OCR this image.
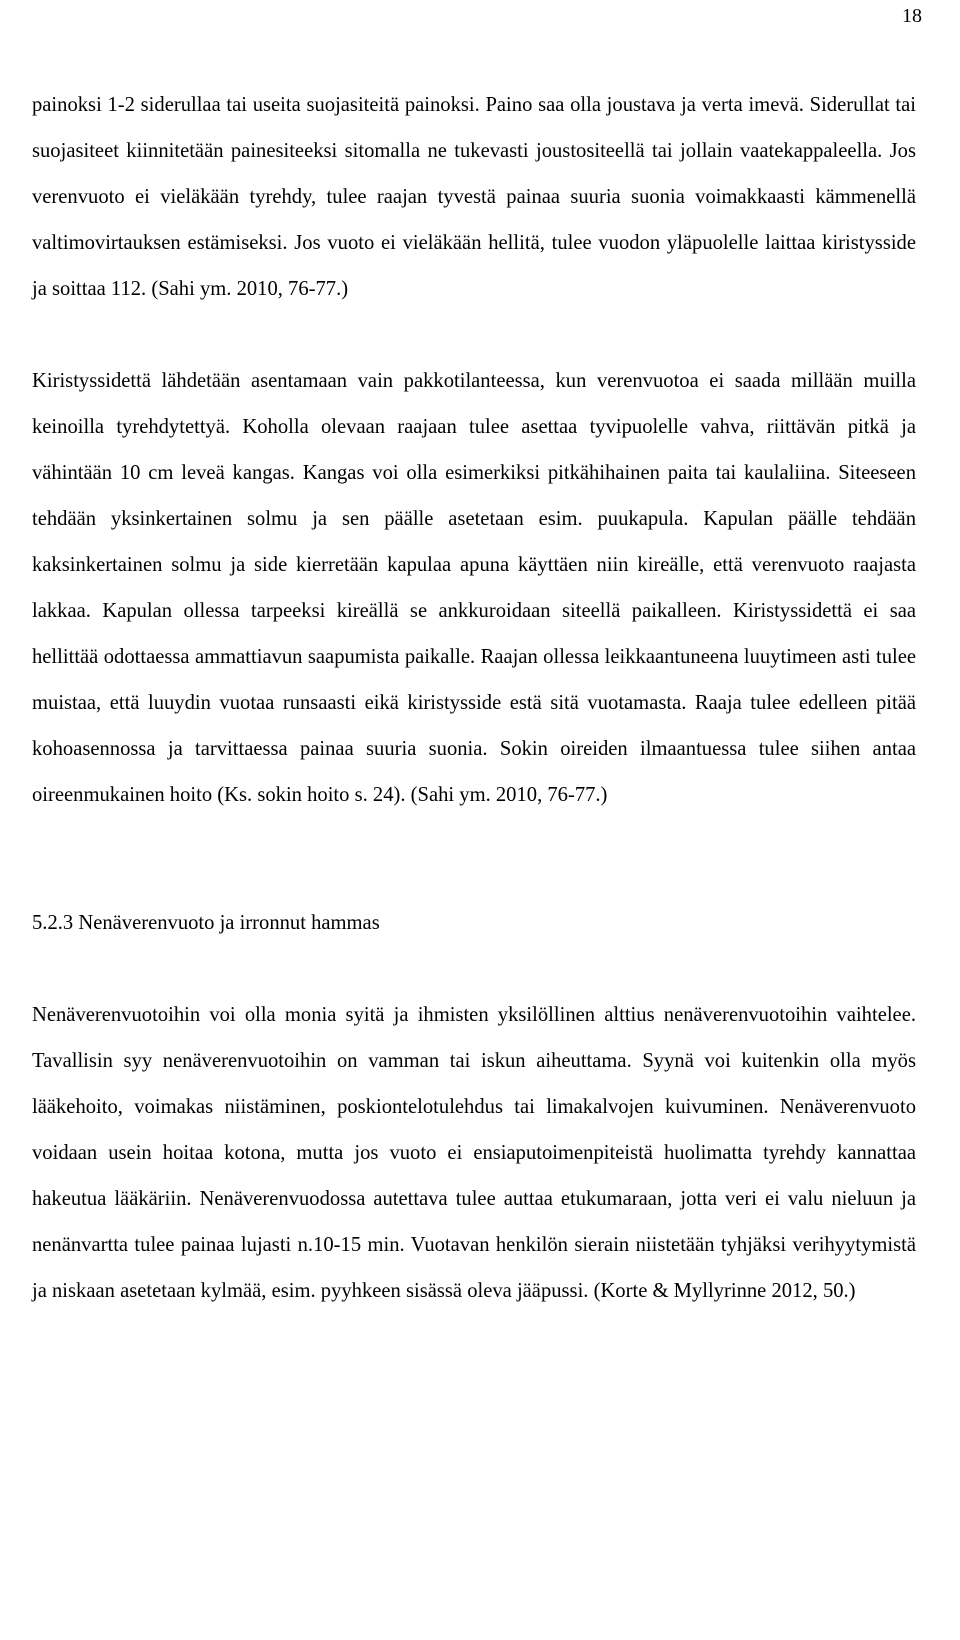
18

painoksi 1-2 siderullaa tai useita suojasiteitä painoksi. Paino saa olla joustava ja verta imevä. Siderullat tai suojasiteet kiinnitetään painesiteeksi sitomalla ne tukevasti joustositeellä tai jollain vaatekappaleella. Jos verenvuoto ei vieläkään tyrehdy, tulee raajan tyvestä painaa suuria suonia voimakkaasti kämmenellä valtimovirtauksen estämiseksi. Jos vuoto ei vieläkään hellitä, tulee vuodon yläpuolelle laittaa kiristysside ja soittaa 112. (Sahi ym. 2010, 76-77.)

Kiristyssidettä lähdetään asentamaan vain pakkotilanteessa, kun verenvuotoa ei saada millään muilla keinoilla tyrehdytettyä. Koholla olevaan raajaan tulee asettaa tyvipuolelle vahva, riittävän pitkä ja vähintään 10 cm leveä kangas. Kangas voi olla esimerkiksi pitkähihainen paita tai kaulaliina. Siteeseen tehdään yksinkertainen solmu ja sen päälle asetetaan esim. puukapula. Kapulan päälle tehdään kaksinkertainen solmu ja side kierretään kapulaa apuna käyttäen niin kireälle, että verenvuoto raajasta lakkaa. Kapulan ollessa tarpeeksi kireällä se ankkuroidaan siteellä paikalleen. Kiristyssidettä ei saa hellittää odottaessa ammattiavun saapumista paikalle. Raajan ollessa leikkaantuneena luuytimeen asti tulee muistaa, että luuydin vuotaa runsaasti eikä kiristysside estä sitä vuotamasta. Raaja tulee edelleen pitää kohoasennossa ja tarvittaessa painaa suuria suonia. Sokin oireiden ilmaantuessa tulee siihen antaa oireenmukainen hoito (Ks. sokin hoito s. 24). (Sahi ym. 2010, 76-77.)

5.2.3 Nenäverenvuoto ja irronnut hammas

Nenäverenvuotoihin voi olla monia syitä ja ihmisten yksilöllinen alttius nenäverenvuotoihin vaihtelee. Tavallisin syy nenäverenvuotoihin on vamman tai iskun aiheuttama. Syynä voi kuitenkin olla myös lääkehoito, voimakas niistäminen, poskiontelotulehdus tai limakalvojen kuivuminen. Nenäverenvuoto voidaan usein hoitaa kotona, mutta jos vuoto ei ensiaputoimenpiteistä huolimatta tyrehdy kannattaa hakeutua lääkäriin. Nenäverenvuodossa autettava tulee auttaa etukumaraan, jotta veri ei valu nieluun ja nenänvartta tulee painaa lujasti n.10-15 min. Vuotavan henkilön sierain niistetään tyhjäksi verihyytymistä ja niskaan asetetaan kylmää, esim. pyyhkeen sisässä oleva jääpussi. (Korte & Myllyrinne 2012, 50.)
